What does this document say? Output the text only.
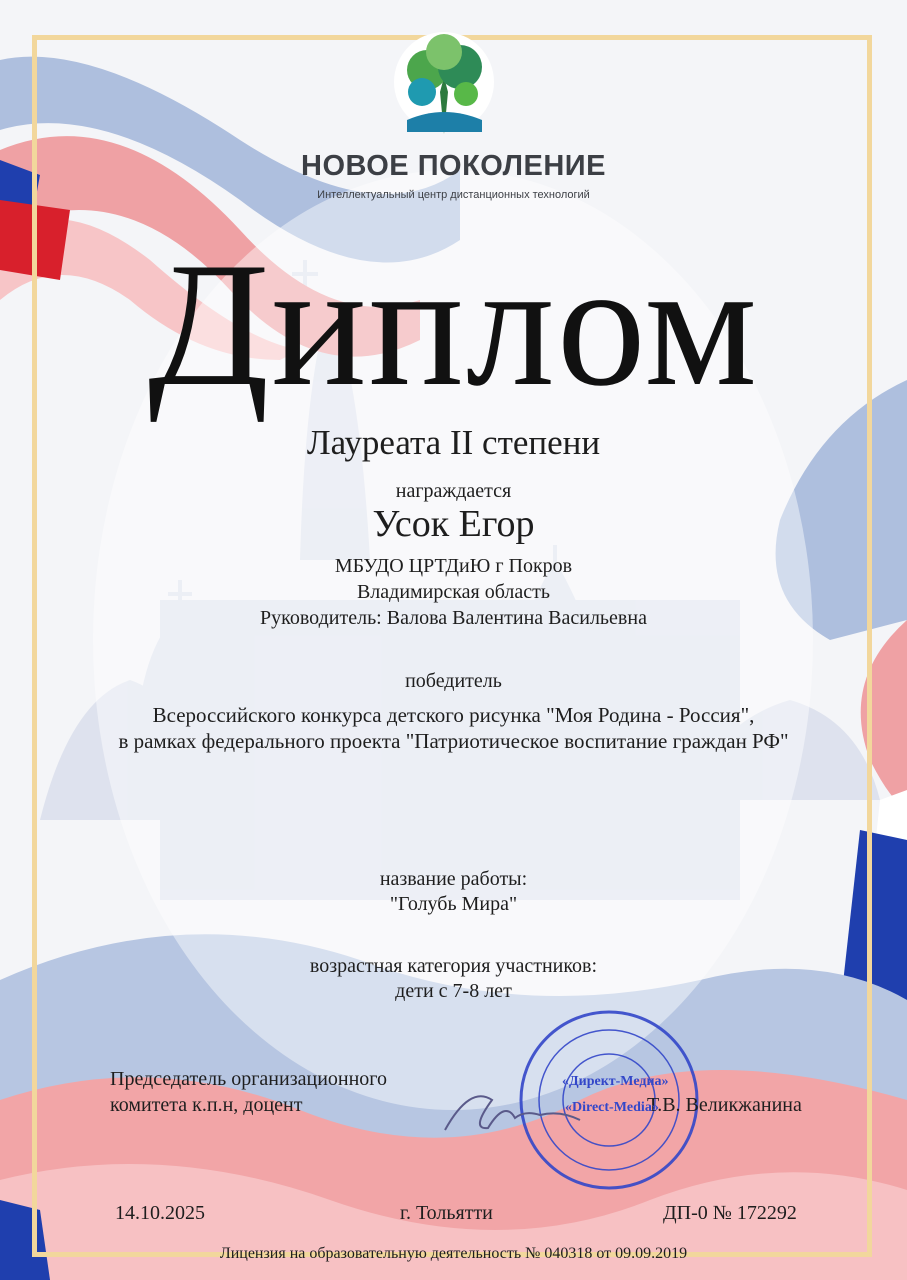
НОВОЕ ПОКОЛЕНИЕ
Интеллектуальный центр дистанционных технологий
Диплом
Лауреата II степени
награждается
Усок Егор
МБУДО ЦРТДиЮ г Покров
Владимирская область
Руководитель: Валова Валентина Васильевна
победитель
Всероссийского конкурса детского рисунка "Моя Родина - Россия",
в рамках федерального проекта "Патриотическое воспитание граждан РФ"
название работы:
"Голубь Мира"
возрастная категория участников:
дети с 7-8 лет
Председатель организационного
комитета к.п.н, доцент	Т.В. Великжанина
«Директ-Медиа»
«Direct-Media»
14.10.2025	г. Тольятти	ДП-0 № 172292
Лицензия на образовательную деятельность № 040318 от 09.09.2019
